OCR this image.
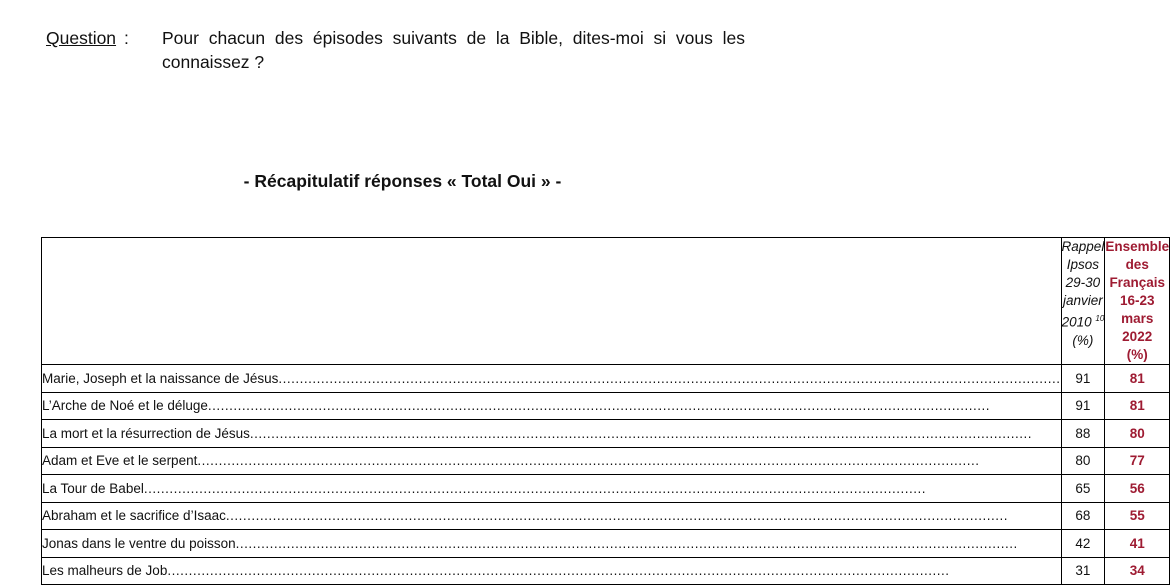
Question : Pour chacun des épisodes suivants de la Bible, dites-moi si vous les connaissez ?
- Récapitulatif réponses « Total Oui » -

	Rappel Ipsos
29-30 janvier
2010 $^{10}$
(%)	Ensemble des
Français
16-23 mars 2022
(%)

Marie, Joseph et la naissance de Jésus
.....	91	81

L’Arche de Noé et le déluge
.....	91	81

La mort et la résurrection de Jésus
.....	88	80

Adam et Eve et le serpent
.....	80	77

La Tour de Babel
.....	65	56

Abraham et le sacrifice d’Isaac
.....	68	55

Jonas dans le ventre du poisson
.....	42	41

Les malheurs de Job
.....	31	34
